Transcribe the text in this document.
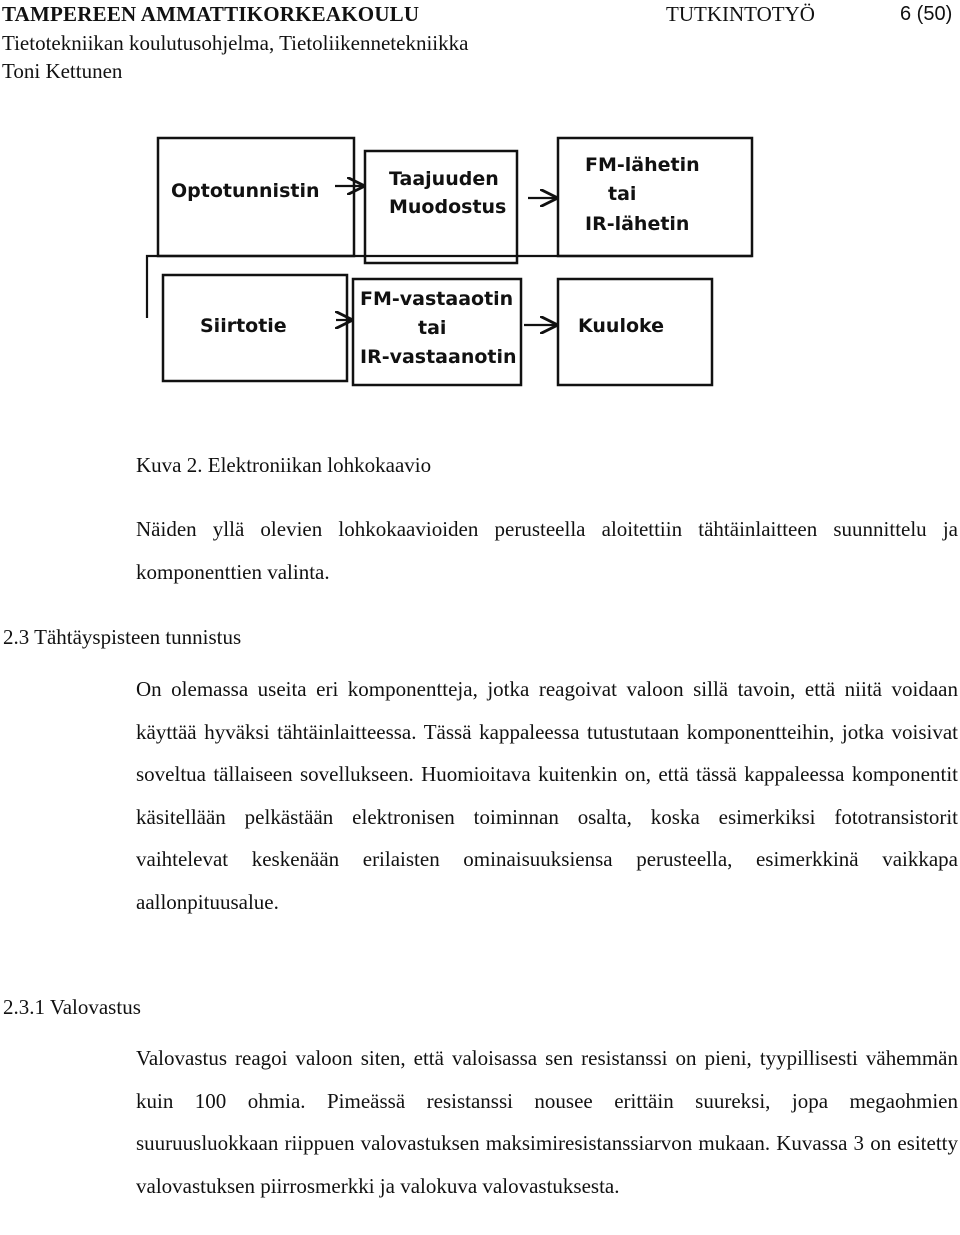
TAMPEREEN AMMATTIKORKEAKOULU	TUTKINTOTYÖ	6 (50)
Tietotekniikan koulutusohjelma, Tietoliikennetekniikka
Toni Kettunen
Optotunnistin
Taajuuden
Muodostus
FM-lähetin
tai
IR-lähetin
Siirtotie
FM-vastaaotin
tai
IR-vastaanotin
Kuuloke
Kuva 2. Elektroniikan lohkokaavio

Näiden yllä olevien lohkokaavioiden perusteella aloitettiin tähtäinlaitteen suunnittelu ja komponenttien valinta.

2.3 Tähtäyspisteen tunnistus

On olemassa useita eri komponentteja, jotka reagoivat valoon sillä tavoin, että niitä voidaan käyttää hyväksi tähtäinlaitteessa. Tässä kappaleessa tutustutaan komponentteihin, jotka voisivat soveltua tällaiseen sovellukseen. Huomioitava kuitenkin on, että tässä kappaleessa komponentit käsitellään pelkästään elektronisen toiminnan osalta, koska esimerkiksi fototransistorit vaihtelevat keskenään erilaisten ominaisuuksiensa perusteella, esimerkkinä vaikkapa aallonpituusalue.

2.3.1 Valovastus

Valovastus reagoi valoon siten, että valoisassa sen resistanssi on pieni, tyypillisesti vähemmän kuin 100 ohmia. Pimeässä resistanssi nousee erittäin suureksi, jopa megaohmien suuruusluokkaan riippuen valovastuksen maksimiresistanssiarvon mukaan. Kuvassa 3 on esitetty valovastuksen piirrosmerkki ja valokuva valovastuksesta.
